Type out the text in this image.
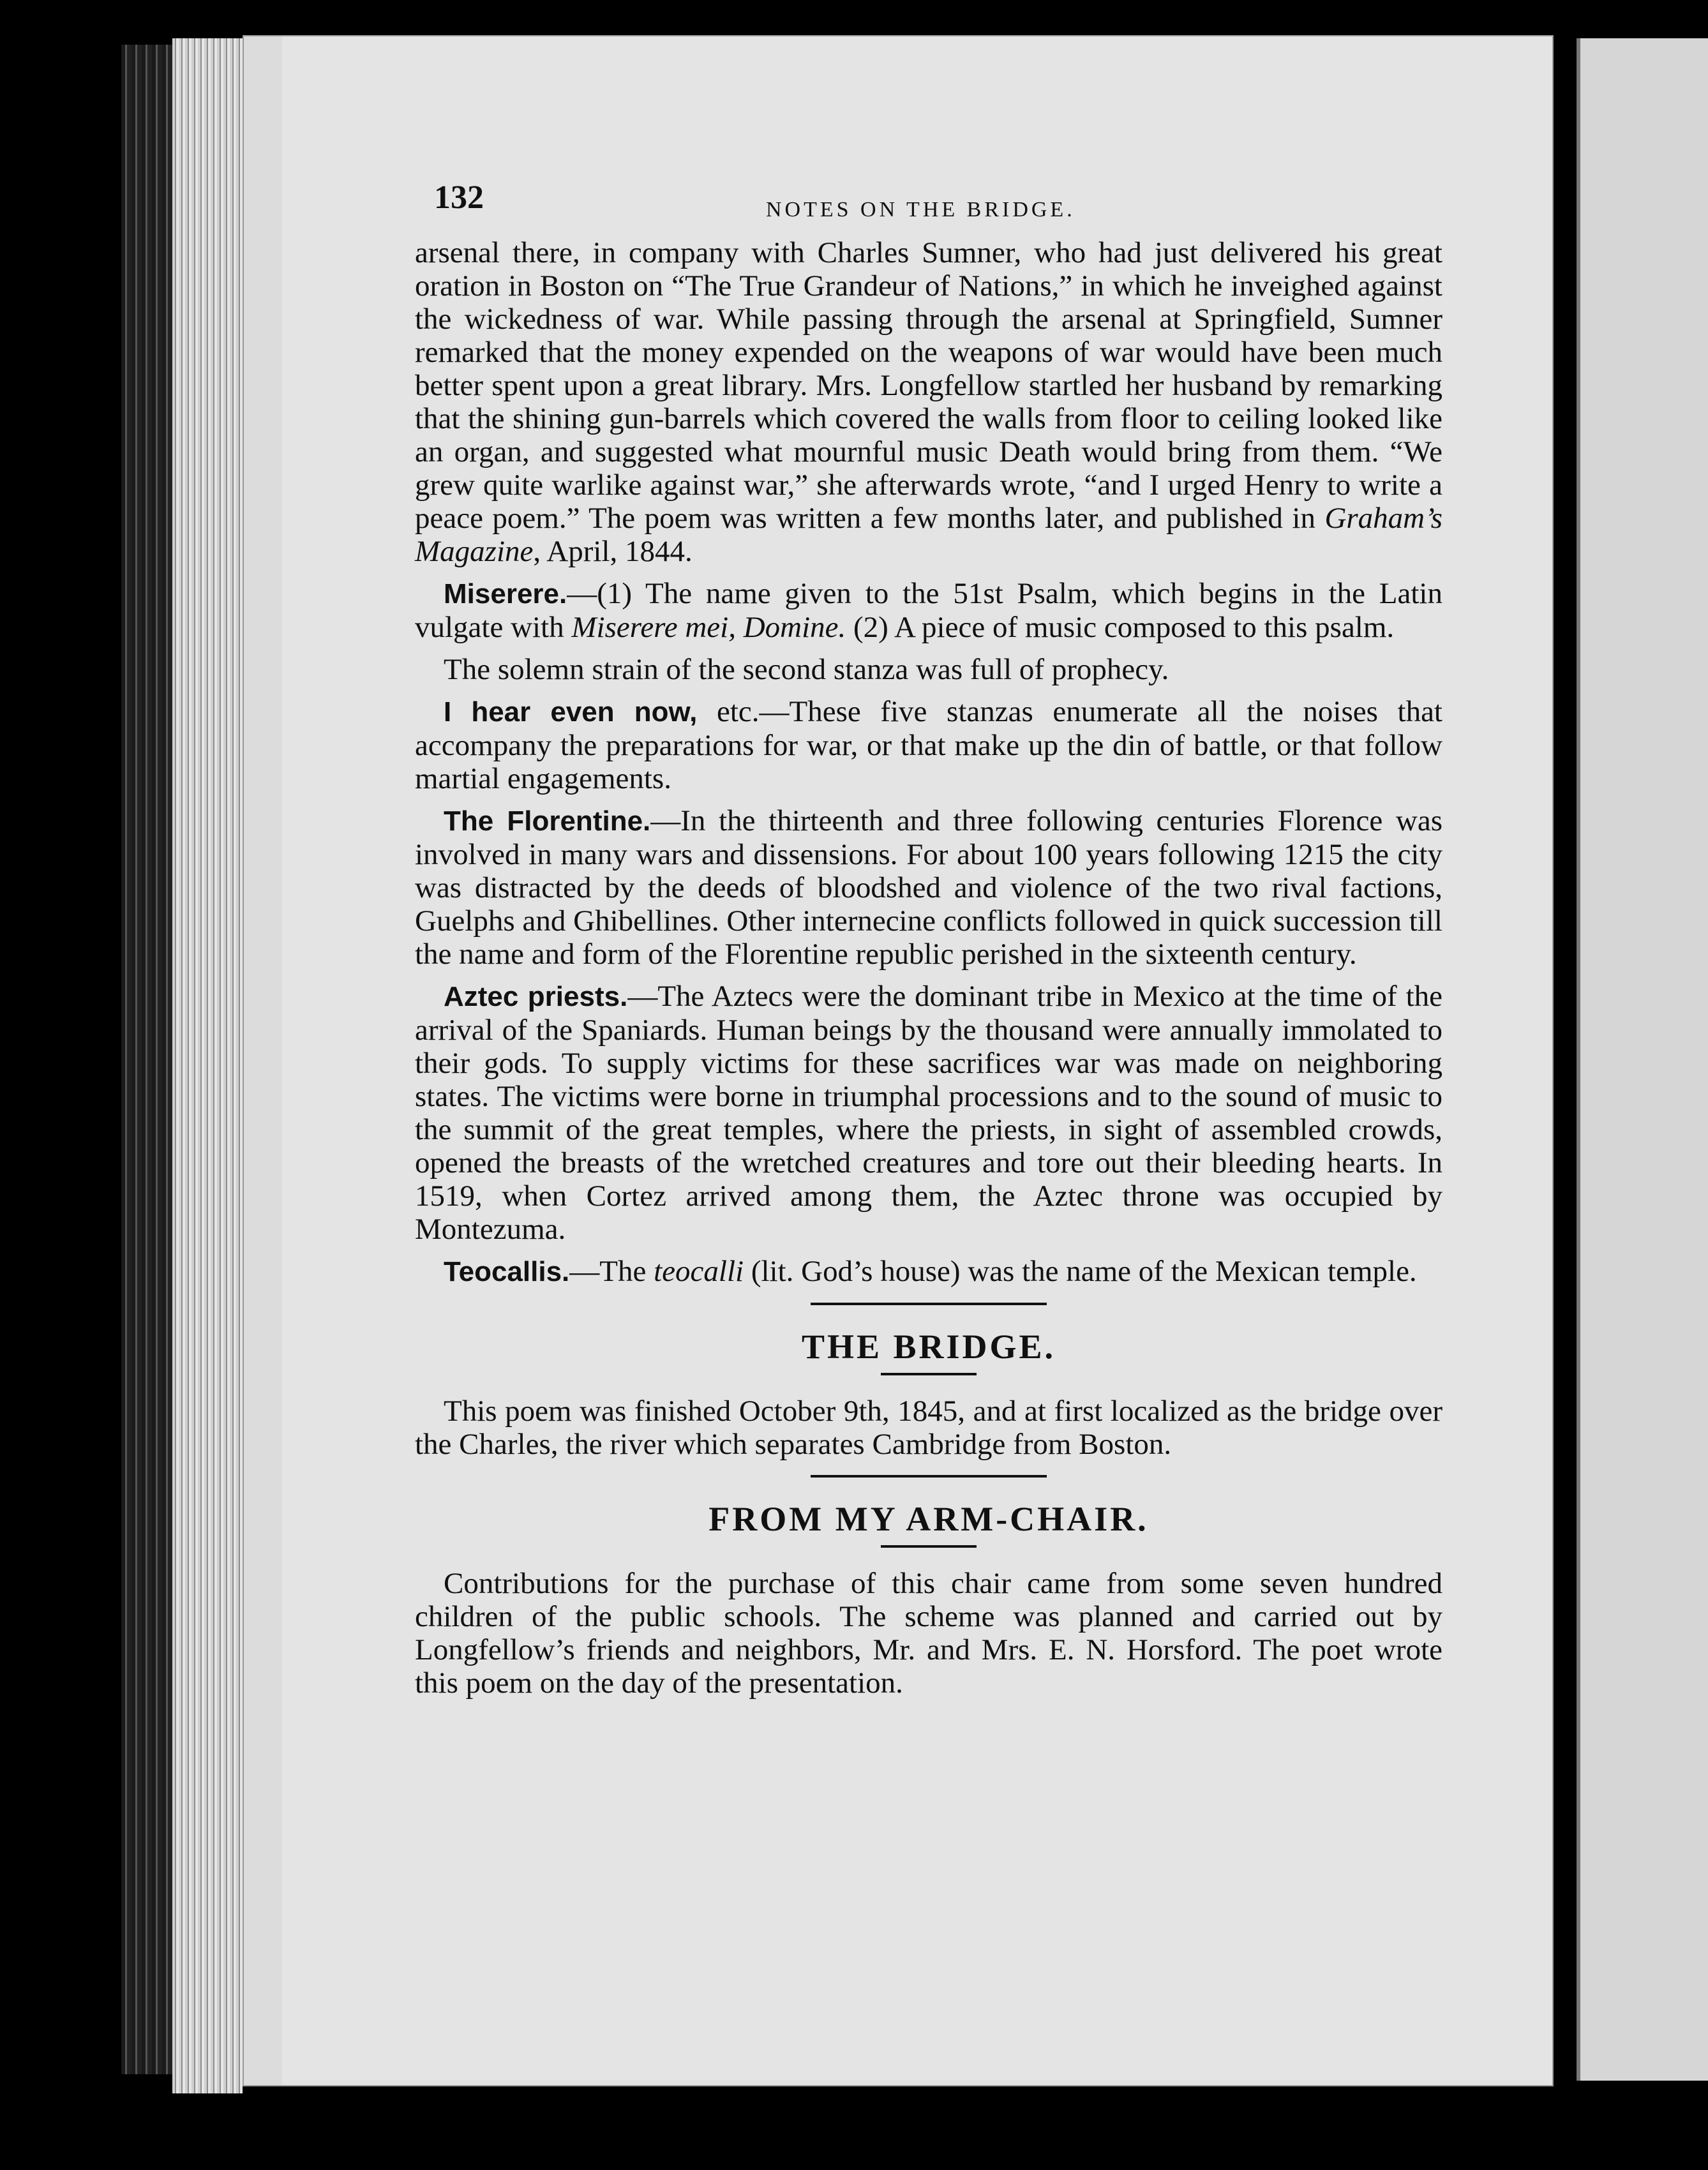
132	NOTES ON THE BRIDGE.

arsenal there, in company with Charles Sumner, who had just delivered his great oration in Boston on “The True Grandeur of Nations,” in which he inveighed against the wickedness of war. While passing through the arsenal at Springfield, Sumner remarked that the money expended on the weapons of war would have been much better spent upon a great library. Mrs. Longfellow startled her husband by remarking that the shining gun-barrels which covered the walls from floor to ceiling looked like an organ, and suggested what mournful music Death would bring from them. “We grew quite warlike against war,” she afterwards wrote, “and I urged Henry to write a peace poem.” The poem was written a few months later, and published in Graham’s Magazine, April, 1844.

Miserere.—(1) The name given to the 51st Psalm, which begins in the Latin vulgate with Miserere mei, Domine. (2) A piece of music composed to this psalm.

The solemn strain of the second stanza was full of prophecy.

I hear even now, etc.—These five stanzas enumerate all the noises that accompany the preparations for war, or that make up the din of battle, or that follow martial engagements.

The Florentine.—In the thirteenth and three following centuries Florence was involved in many wars and dissensions. For about 100 years following 1215 the city was distracted by the deeds of bloodshed and violence of the two rival factions, Guelphs and Ghibellines. Other internecine conflicts followed in quick succession till the name and form of the Florentine republic perished in the sixteenth century.

Aztec priests.—The Aztecs were the dominant tribe in Mexico at the time of the arrival of the Spaniards. Human beings by the thousand were annually immolated to their gods. To supply victims for these sacrifices war was made on neighboring states. The victims were borne in triumphal processions and to the sound of music to the summit of the great temples, where the priests, in sight of assembled crowds, opened the breasts of the wretched creatures and tore out their bleeding hearts. In 1519, when Cortez arrived among them, the Aztec throne was occupied by Montezuma.

Teocallis.—The teocalli (lit. God’s house) was the name of the Mexican temple.

THE BRIDGE.

This poem was finished October 9th, 1845, and at first localized as the bridge over the Charles, the river which separates Cambridge from Boston.

FROM MY ARM-CHAIR.

Contributions for the purchase of this chair came from some seven hundred children of the public schools. The scheme was planned and carried out by Longfellow’s friends and neighbors, Mr. and Mrs. E. N. Horsford. The poet wrote this poem on the day of the presentation.
